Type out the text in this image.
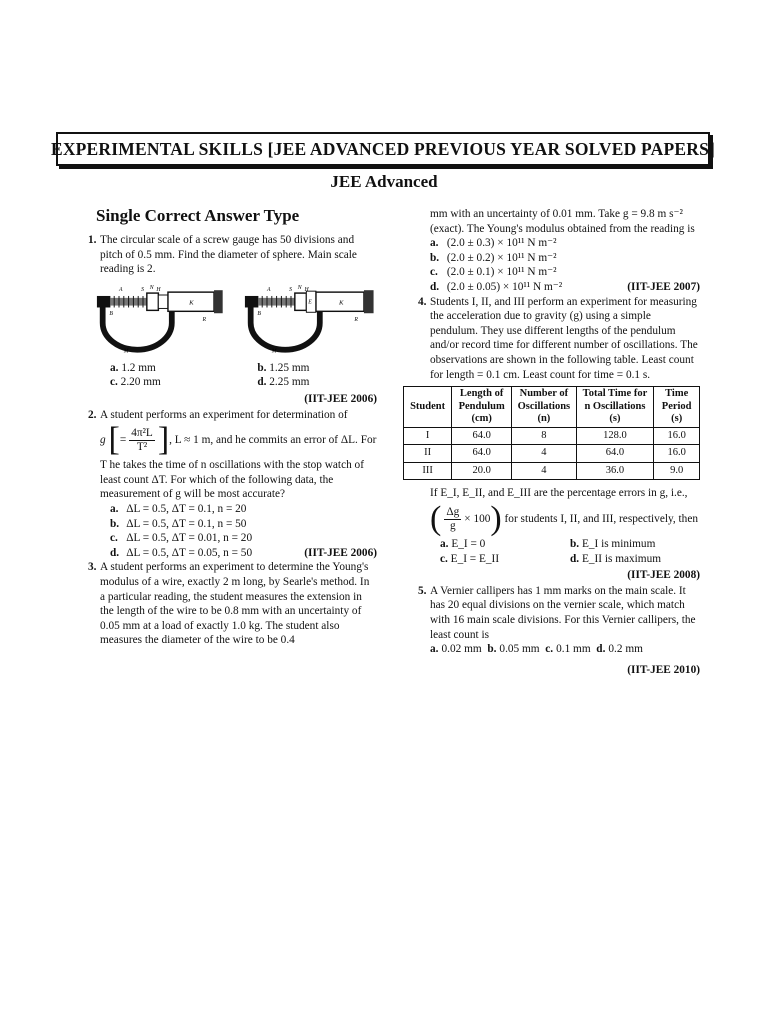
EXPERIMENTAL SKILLS [JEE ADVANCED PREVIOUS YEAR SOLVED PAPERS]
JEE Advanced
Single Correct Answer Type
1. The circular scale of a screw gauge has 50 divisions and pitch of 0.5 mm. Find the diameter of sphere. Main scale reading is 2.
A	S N H
K
B
R
M
A	S N H
E	K
B
R
M
a. 1.2 mm	b. 1.25 mm
c. 2.20 mm	d. 2.25 mm
(IIT-JEE 2006)
2. A student performs an experiment for determination of
g
[ = $\frac{\text{4π²L}}{\text{T²}}$ ] , L ≈ 1 m, and he commits an error of ΔL. For
T he takes the time of n oscillations with the stop watch of least count ΔT. For which of the following data, the measurement of g will be most accurate?
a. ΔL = 0.5, ΔT = 0.1, n = 20
b. ΔL = 0.5, ΔT = 0.1, n = 50
c. ΔL = 0.5, ΔT = 0.01, n = 20
d. ΔL = 0.5, ΔT = 0.05, n = 50	(IIT-JEE 2006)
3. A student performs an experiment to determine the Young's modulus of a wire, exactly 2 m long, by Searle's method. In a particular reading, the student measures the extension in the length of the wire to be 0.8 mm with an uncertainty of 0.05 mm at a load of exactly 1.0 kg. The student also measures the diameter of the wire to be 0.4
mm with an uncertainty of 0.01 mm. Take g = 9.8 m s⁻² (exact). The Young's modulus obtained from the reading is
a. (2.0 ± 0.3) × 10¹¹ N m⁻²
b. (2.0 ± 0.2) × 10¹¹ N m⁻²
c. (2.0 ± 0.1) × 10¹¹ N m⁻²
d. (2.0 ± 0.05) × 10¹¹ N m⁻²	(IIT-JEE 2007)
4. Students I, II, and III perform an experiment for measuring the acceleration due to gravity (g) using a simple pendulum. They use different lengths of the pendulum and/or record time for different number of oscillations. The observations are shown in the following table. Least count for length = 0.1 cm. Least count for time = 0.1 s.
Student	Length of Pendulum (cm)	Number of Oscillations (n)	Total Time for n Oscillations (s)	Time Period (s)
I	64.0	8	128.0	16.0
II	64.0	4	64.0	16.0
III	20.0	4	36.0	9.0
If E_I, E_II, and E_III are the percentage errors in g, i.e.,
( $\frac{\Delta g}{g} \times 100$ )
for students I, II, and III, respectively, then
a. E_I = 0	b. E_I is minimum
c. E_I = E_II	d. E_II is maximum
(IIT-JEE 2008)
5. A Vernier callipers has 1 mm marks on the main scale. It has 20 equal divisions on the vernier scale, which match with 16 main scale divisions. For this Vernier callipers, the least count is
a. 0.02 mm b. 0.05 mm c. 0.1 mm d. 0.2 mm
(IIT-JEE 2010)
